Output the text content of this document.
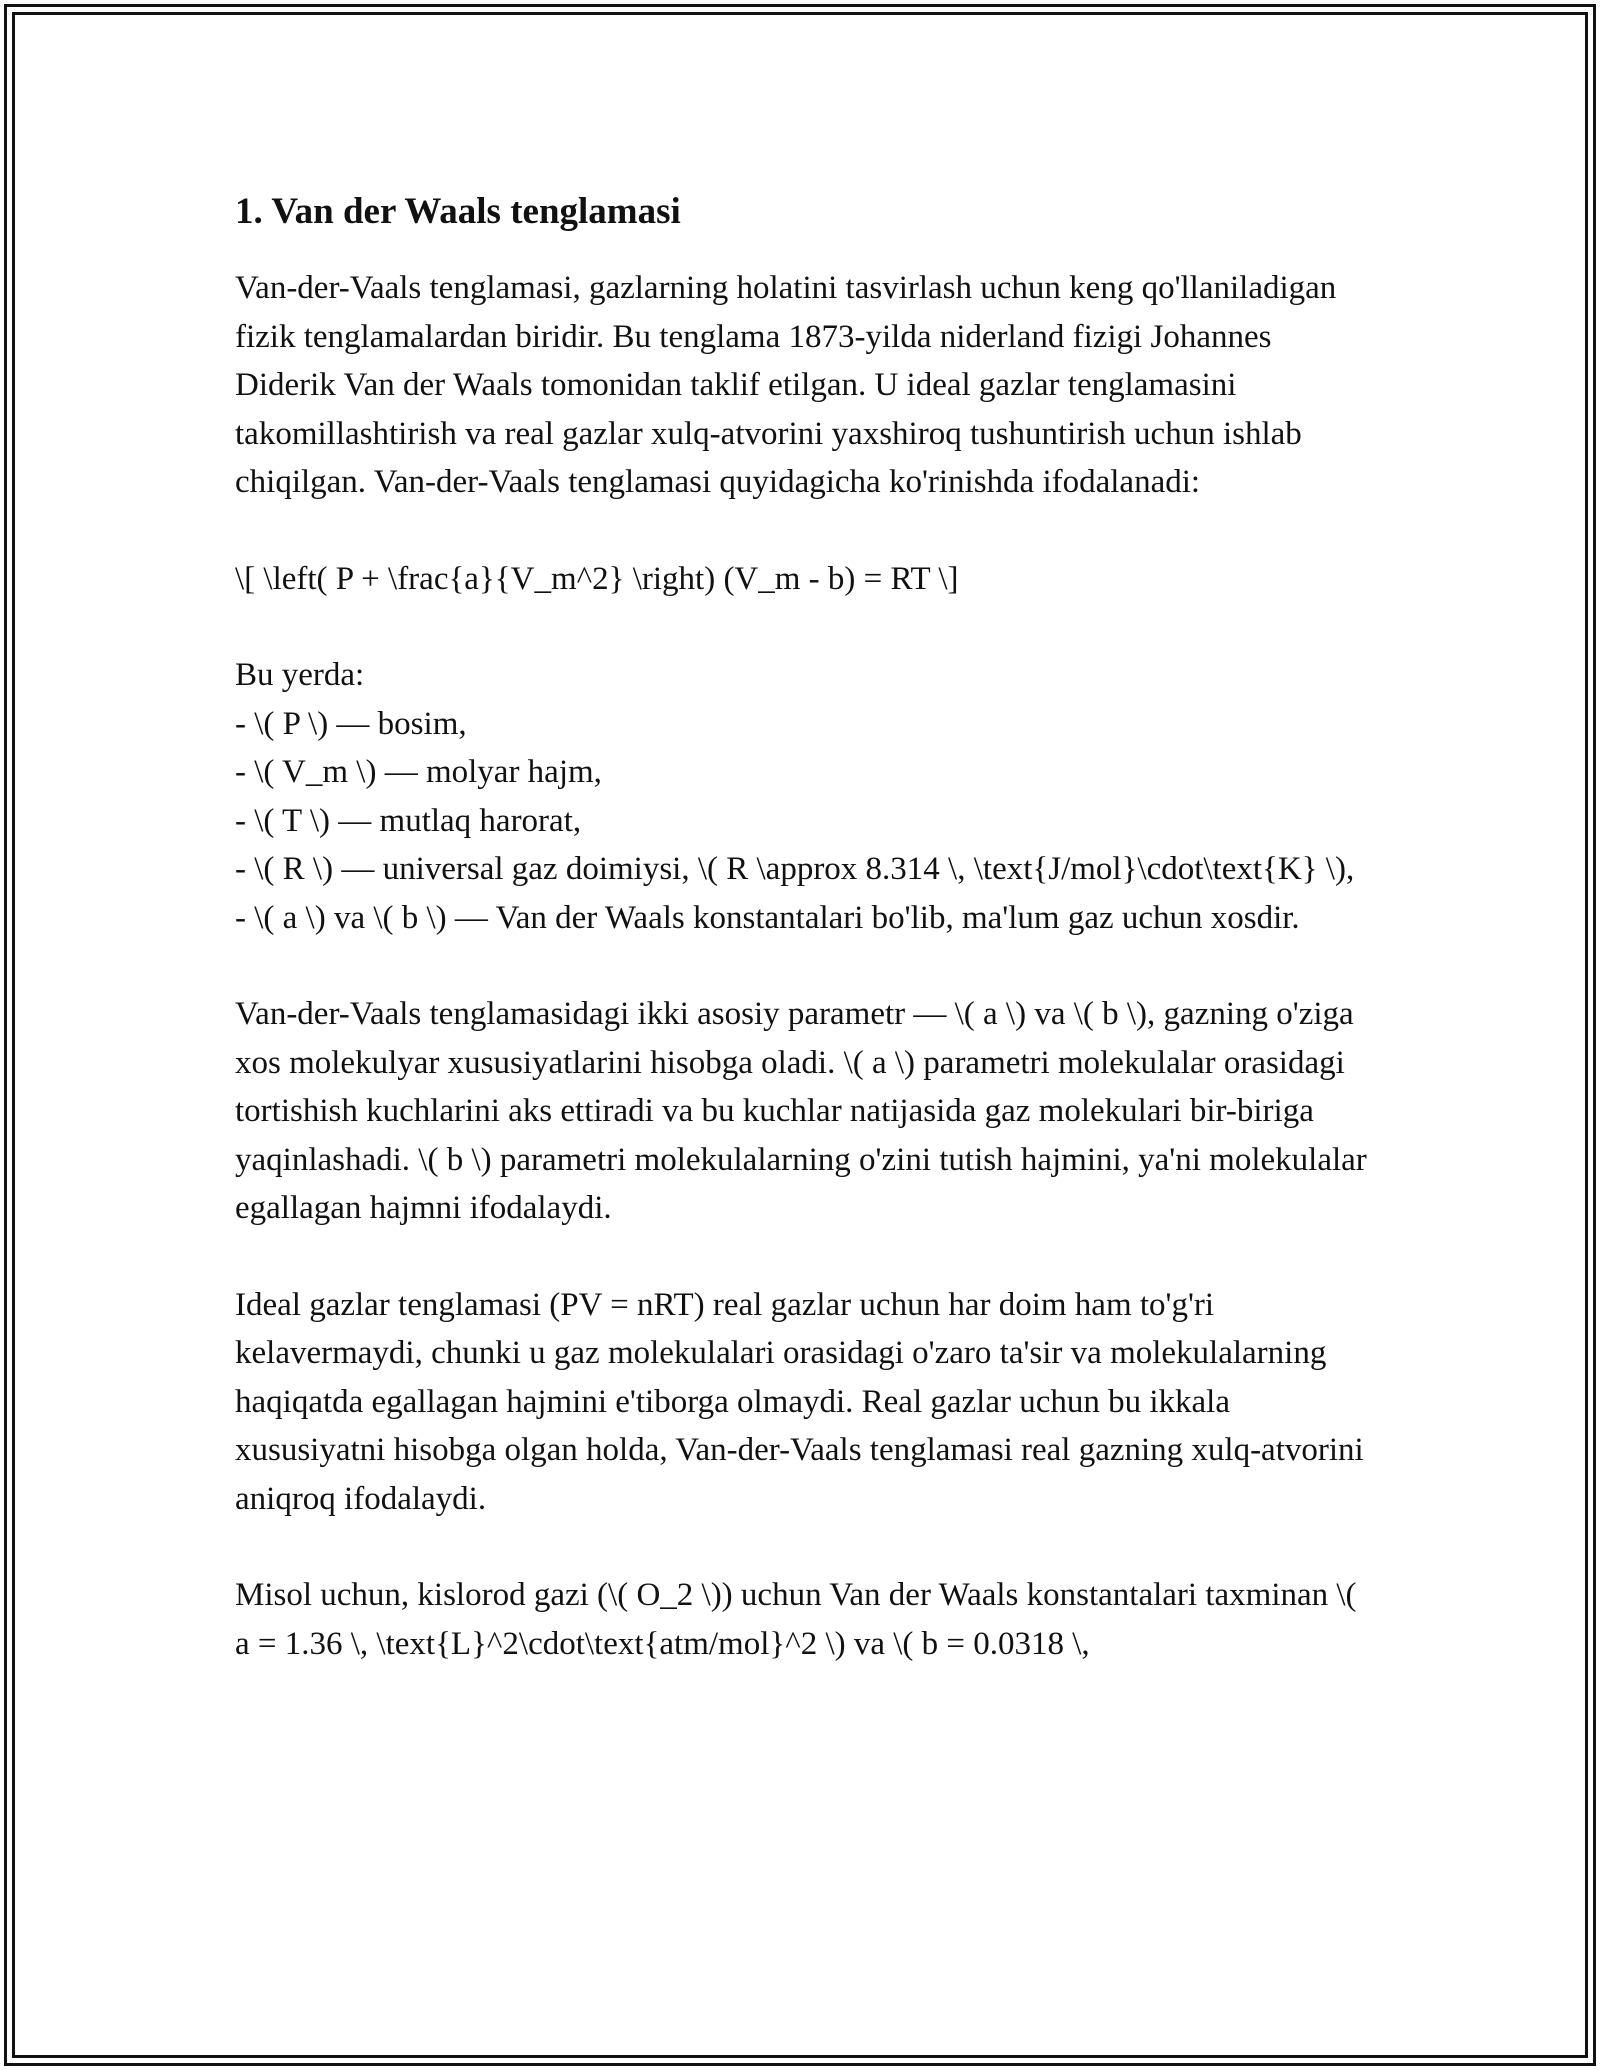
1. Van der Waals tenglamasi

Van-der-Vaals tenglamasi, gazlarning holatini tasvirlash uchun keng qo'llaniladigan fizik tenglamalardan biridir. Bu tenglama 1873-yilda niderland fizigi Johannes Diderik Van der Waals tomonidan taklif etilgan. U ideal gazlar tenglamasini takomillashtirish va real gazlar xulq-atvorini yaxshiroq tushuntirish uchun ishlab chiqilgan. Van-der-Vaals tenglamasi quyidagicha ko'rinishda ifodalanadi:

\[ \left( P + \frac{a}{V_m^2} \right) (V_m - b) = RT \]

Bu yerda:
- \( P \) — bosim,
- \( V_m \) — molyar hajm,
- \( T \) — mutlaq harorat,
- \( R \) — universal gaz doimiysi, \( R \approx 8.314 \, \text{J/mol}\cdot\text{K} \),
- \( a \) va \( b \) — Van der Waals konstantalari bo'lib, ma'lum gaz uchun xosdir.

Van-der-Vaals tenglamasidagi ikki asosiy parametr — \( a \) va \( b \), gazning o'ziga xos molekulyar xususiyatlarini hisobga oladi. \( a \) parametri molekulalar orasidagi tortishish kuchlarini aks ettiradi va bu kuchlar natijasida gaz molekulari bir-biriga yaqinlashadi. \( b \) parametri molekulalarning o'zini tutish hajmini, ya'ni molekulalar egallagan hajmni ifodalaydi.

Ideal gazlar tenglamasi (PV = nRT) real gazlar uchun har doim ham to'g'ri kelavermaydi, chunki u gaz molekulalari orasidagi o'zaro ta'sir va molekulalarning haqiqatda egallagan hajmini e'tiborga olmaydi. Real gazlar uchun bu ikkala xususiyatni hisobga olgan holda, Van-der-Vaals tenglamasi real gazning xulq-atvorini aniqroq ifodalaydi.

Misol uchun, kislorod gazi (\( O_2 \)) uchun Van der Waals konstantalari taxminan \( a = 1.36 \, \text{L}^2\cdot\text{atm/mol}^2 \) va \( b = 0.0318 \,
